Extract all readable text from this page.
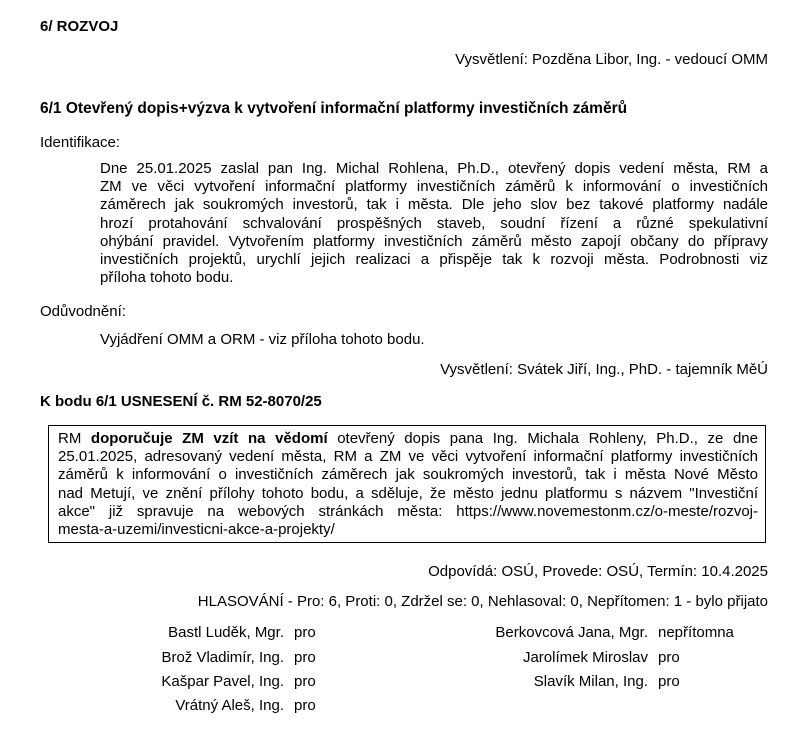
6/ ROZVOJ
Vysvětlení: Pozděna Libor, Ing. - vedoucí OMM
6/1 Otevřený dopis+výzva k vytvoření informační platformy investičních záměrů
Identifikace:
Dne 25.01.2025 zaslal pan Ing. Michal Rohlena, Ph.D., otevřený dopis vedení města, RM a
ZM ve věci vytvoření informační platformy investičních záměrů k informování o investičních
záměrech jak soukromých investorů, tak i města. Dle jeho slov bez takové platformy nadále
hrozí protahování schvalování prospěšných staveb, soudní řízení a různé spekulativní
ohýbání pravidel. Vytvořením platformy investičních záměrů město zapojí občany do přípravy
investičních projektů, urychlí jejich realizaci a přispěje tak k rozvoji města. Podrobnosti viz
příloha tohoto bodu.
Odůvodnění:
Vyjádření OMM a ORM - viz příloha tohoto bodu.
Vysvětlení: Svátek Jiří, Ing., PhD. - tajemník MěÚ
K bodu 6/1 USNESENÍ č. RM 52-8070/25
RM doporučuje ZM vzít na vědomí otevřený dopis pana Ing. Michala Rohleny, Ph.D., ze dne
25.01.2025, adresovaný vedení města, RM a ZM ve věci vytvoření informační platformy investičních
záměrů k informování o investičních záměrech jak soukromých investorů, tak i města Nové Město
nad Metují, ve znění přílohy tohoto bodu, a sděluje, že město jednu platformu s názvem "Investiční
akce" již spravuje na webových stránkách města: https://www.novemestonm.cz/o-meste/rozvoj-
mesta-a-uzemi/investicni-akce-a-projekty/
Odpovídá: OSÚ, Provede: OSÚ, Termín: 10.4.2025
HLASOVÁNÍ - Pro: 6, Proti: 0, Zdržel se: 0, Nehlasoval: 0, Nepřítomen: 1 - bylo přijato
Bastl Luděk, Mgr. pro
Brož Vladimír, Ing. pro
Kašpar Pavel, Ing. pro
Vrátný Aleš, Ing. pro
Berkovcová Jana, Mgr. nepřítomna
Jarolímek Miroslav pro
Slavík Milan, Ing. pro
